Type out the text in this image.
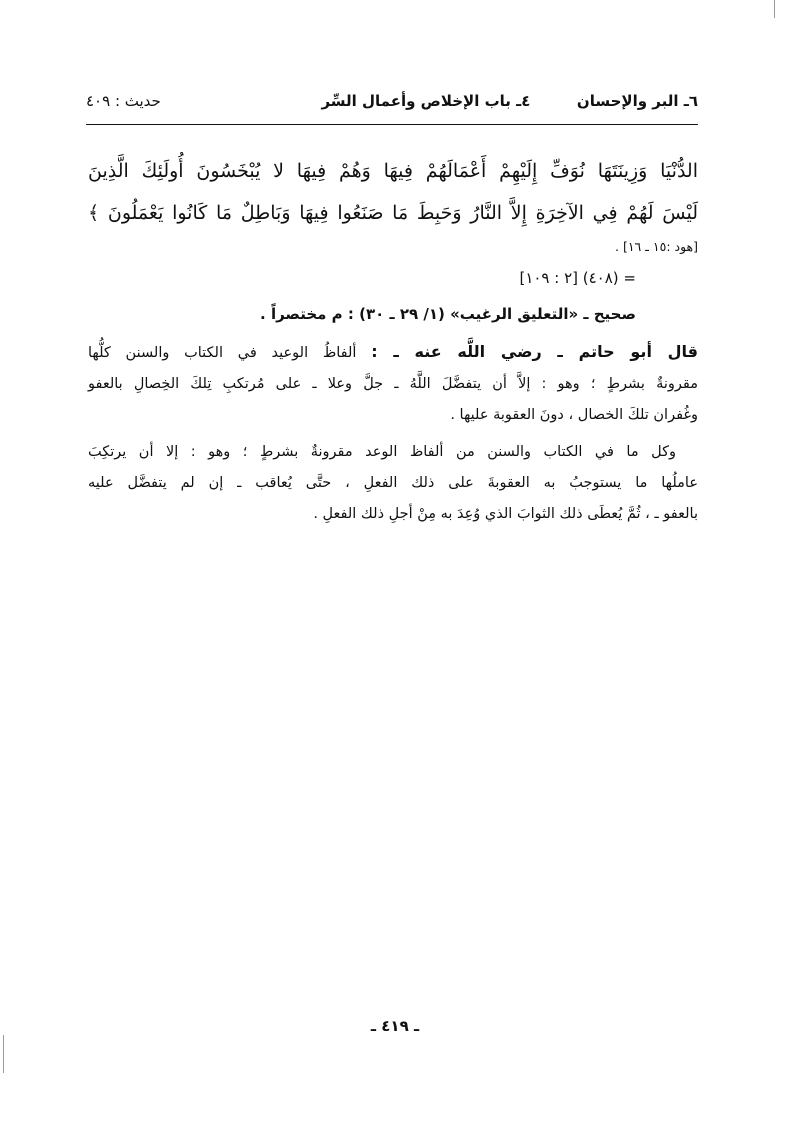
٦ـ البر والإحسان  ٤ـ باب الإخلاص وأعمال السِّر
حديث : ٤٠٩
الدُّنْيَا وَزِينَتَهَا نُوَفِّ إِلَيْهِمْ أَعْمَالَهُمْ فِيهَا وَهُمْ فِيهَا لا يُبْخَسُونَ أُولَئِكَ الَّذِينَ
لَيْسَ لَهُمْ فِي الآخِرَةِ إِلاَّ النَّارُ وَحَبِطَ مَا صَنَعُوا فِيهَا وَبَاطِلٌ مَا كَانُوا يَعْمَلُونَ ﴾
[هود :١٥ ـ ١٦] .
= (٤٠٨) [٢ : ١٠٩]
صحيح ـ «التعليق الرغيب» (١/ ٢٩ ـ ٣٠) : م مختصراً .
قال أبو حاتم ـ رضي اللَّه عنه ـ : ألفاظُ الوعيد في الكتاب والسنن كلُّها
مقرونةٌ بشرطٍ ؛ وهو : إلاَّ أن يتفضَّلَ اللَّهُ ـ جلَّ وعلا ـ على مُرتكبِ تِلكَ الخِصالِ بالعفو
وغُفران تلكَ الخصال ، دونَ العقوبة عليها .
وكل ما في الكتاب والسنن من ألفاظ الوعد مقرونةٌ بشرطٍ ؛ وهو : إلا أن يرتكِبَ
عاملُها ما يستوجبُ به العقوبةَ على ذلك الفعلِ ، حتَّى يُعاقب ـ إن لم يتفضَّل عليه
بالعفو ـ ، ثُمَّ يُعطَى ذلك الثوابَ الذي وُعِدَ به مِنْ أجلِ ذلك الفعلِ .
ـ ٤١٩ ـ
